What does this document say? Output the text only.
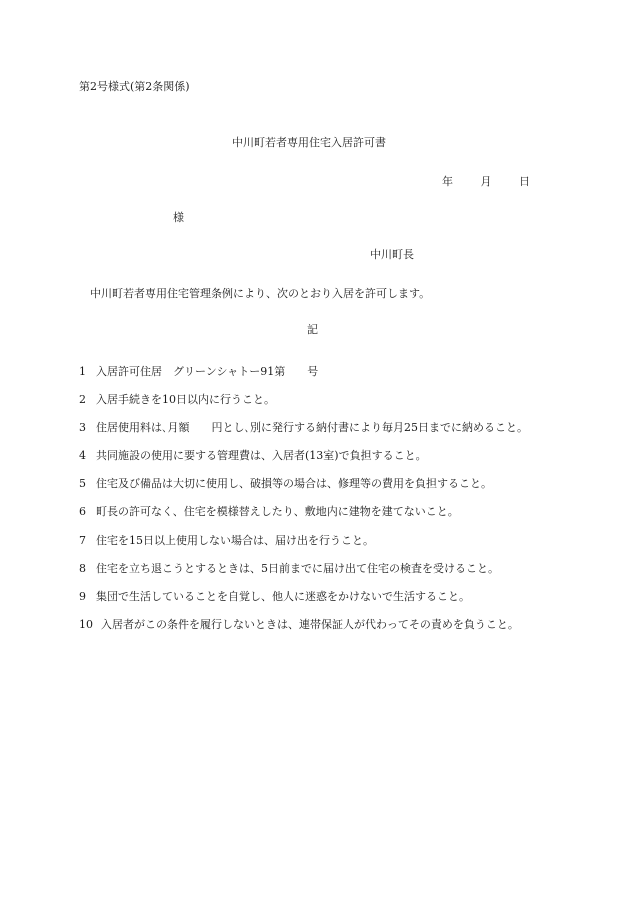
第2号様式(第2条関係)
中川町若者専用住宅入居許可書
年	月	日
様
中川町長
中川町若者専用住宅管理条例により、次のとおり入居を許可します。
記
1 入居許可住居　グリーンシャトー91第　　号
2 入居手続きを10日以内に行うこと。
3 住居使用料は､月額　　円とし､別に発行する納付書により毎月25日までに納めること。
4 共同施設の使用に要する管理費は、入居者(13室)で負担すること。
5 住宅及び備品は大切に使用し、破損等の場合は、修理等の費用を負担すること。
6 町長の許可なく、住宅を模様替えしたり、敷地内に建物を建てないこと。
7 住宅を15日以上使用しない場合は、届け出を行うこと。
8 住宅を立ち退こうとするときは、5日前までに届け出て住宅の検査を受けること。
9 集団で生活していることを自覚し、他人に迷惑をかけないで生活すること。
10 入居者がこの条件を履行しないときは、連帯保証人が代わってその責めを負うこと。
